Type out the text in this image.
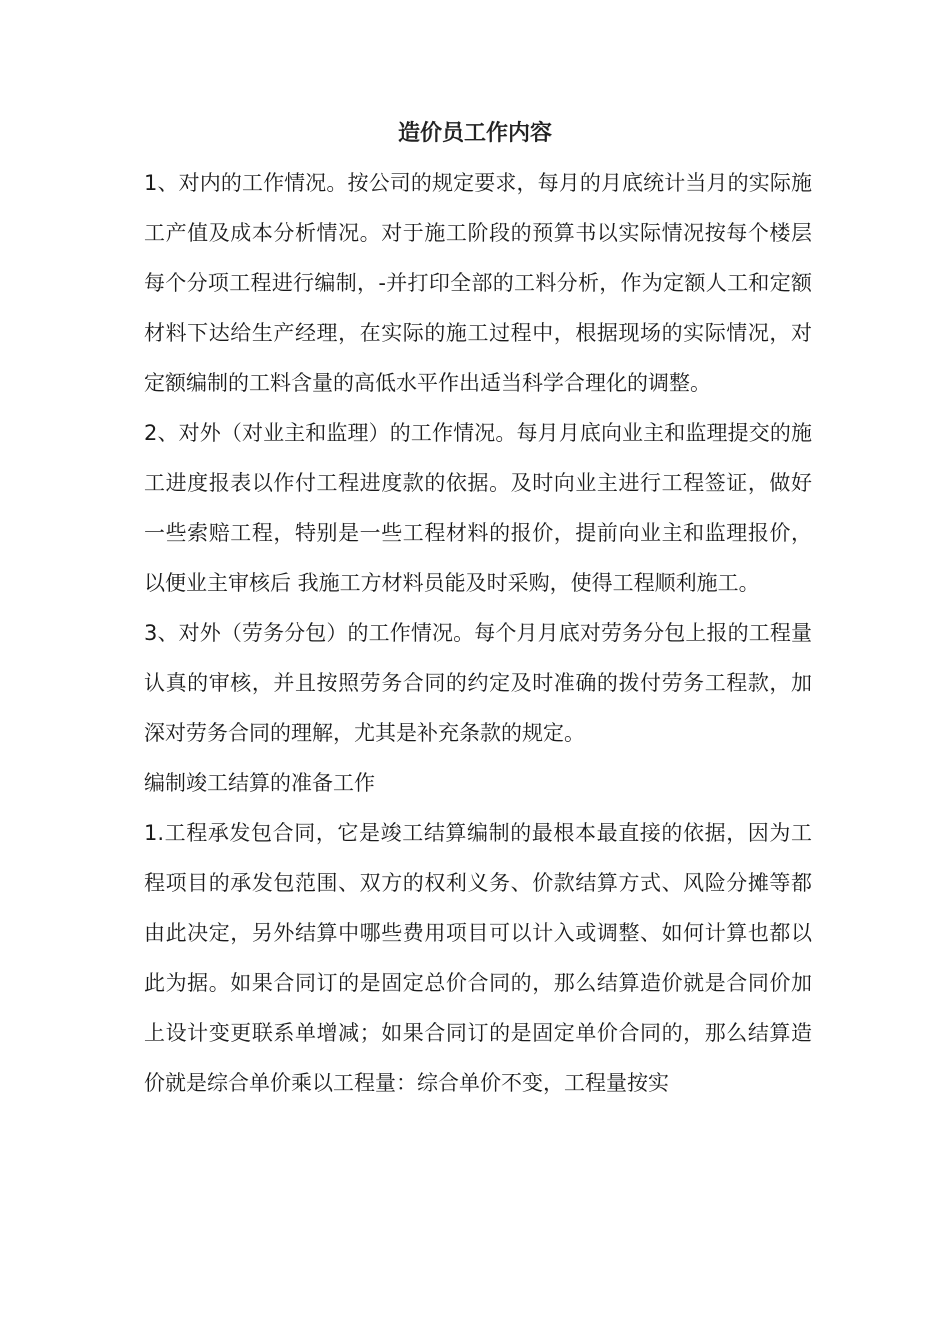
造价员工作内容

1、对内的工作情况。按公司的规定要求，每月的月底统计当月的实际施工产值及成本分析情况。对于施工阶段的预算书以实际情况按每个楼层每个分项工程进行编制，-并打印全部的工料分析，作为定额人工和定额材料下达给生产经理，在实际的施工过程中，根据现场的实际情况，对定额编制的工料含量的高低水平作出适当科学合理化的调整。

2、对外（对业主和监理）的工作情况。每月月底向业主和监理提交的施工进度报表以作付工程进度款的依据。及时向业主进行工程签证，做好一些索赔工程，特别是一些工程材料的报价，提前向业主和监理报价，以便业主审核后 我施工方材料员能及时采购，使得工程顺利施工。

3、对外（劳务分包）的工作情况。每个月月底对劳务分包上报的工程量认真的审核，并且按照劳务合同的约定及时准确的拨付劳务工程款，加深对劳务合同的理解，尤其是补充条款的规定。

编制竣工结算的准备工作

1.工程承发包合同，它是竣工结算编制的最根本最直接的依据，因为工程项目的承发包范围、双方的权利义务、价款结算方式、风险分摊等都由此决定，另外结算中哪些费用项目可以计入或调整、如何计算也都以此为据。如果合同订的是固定总价合同的，那么结算造价就是合同价加上设计变更联系单增减；如果合同订的是固定单价合同的，那么结算造价就是综合单价乘以工程量：综合单价不变，工程量按实
